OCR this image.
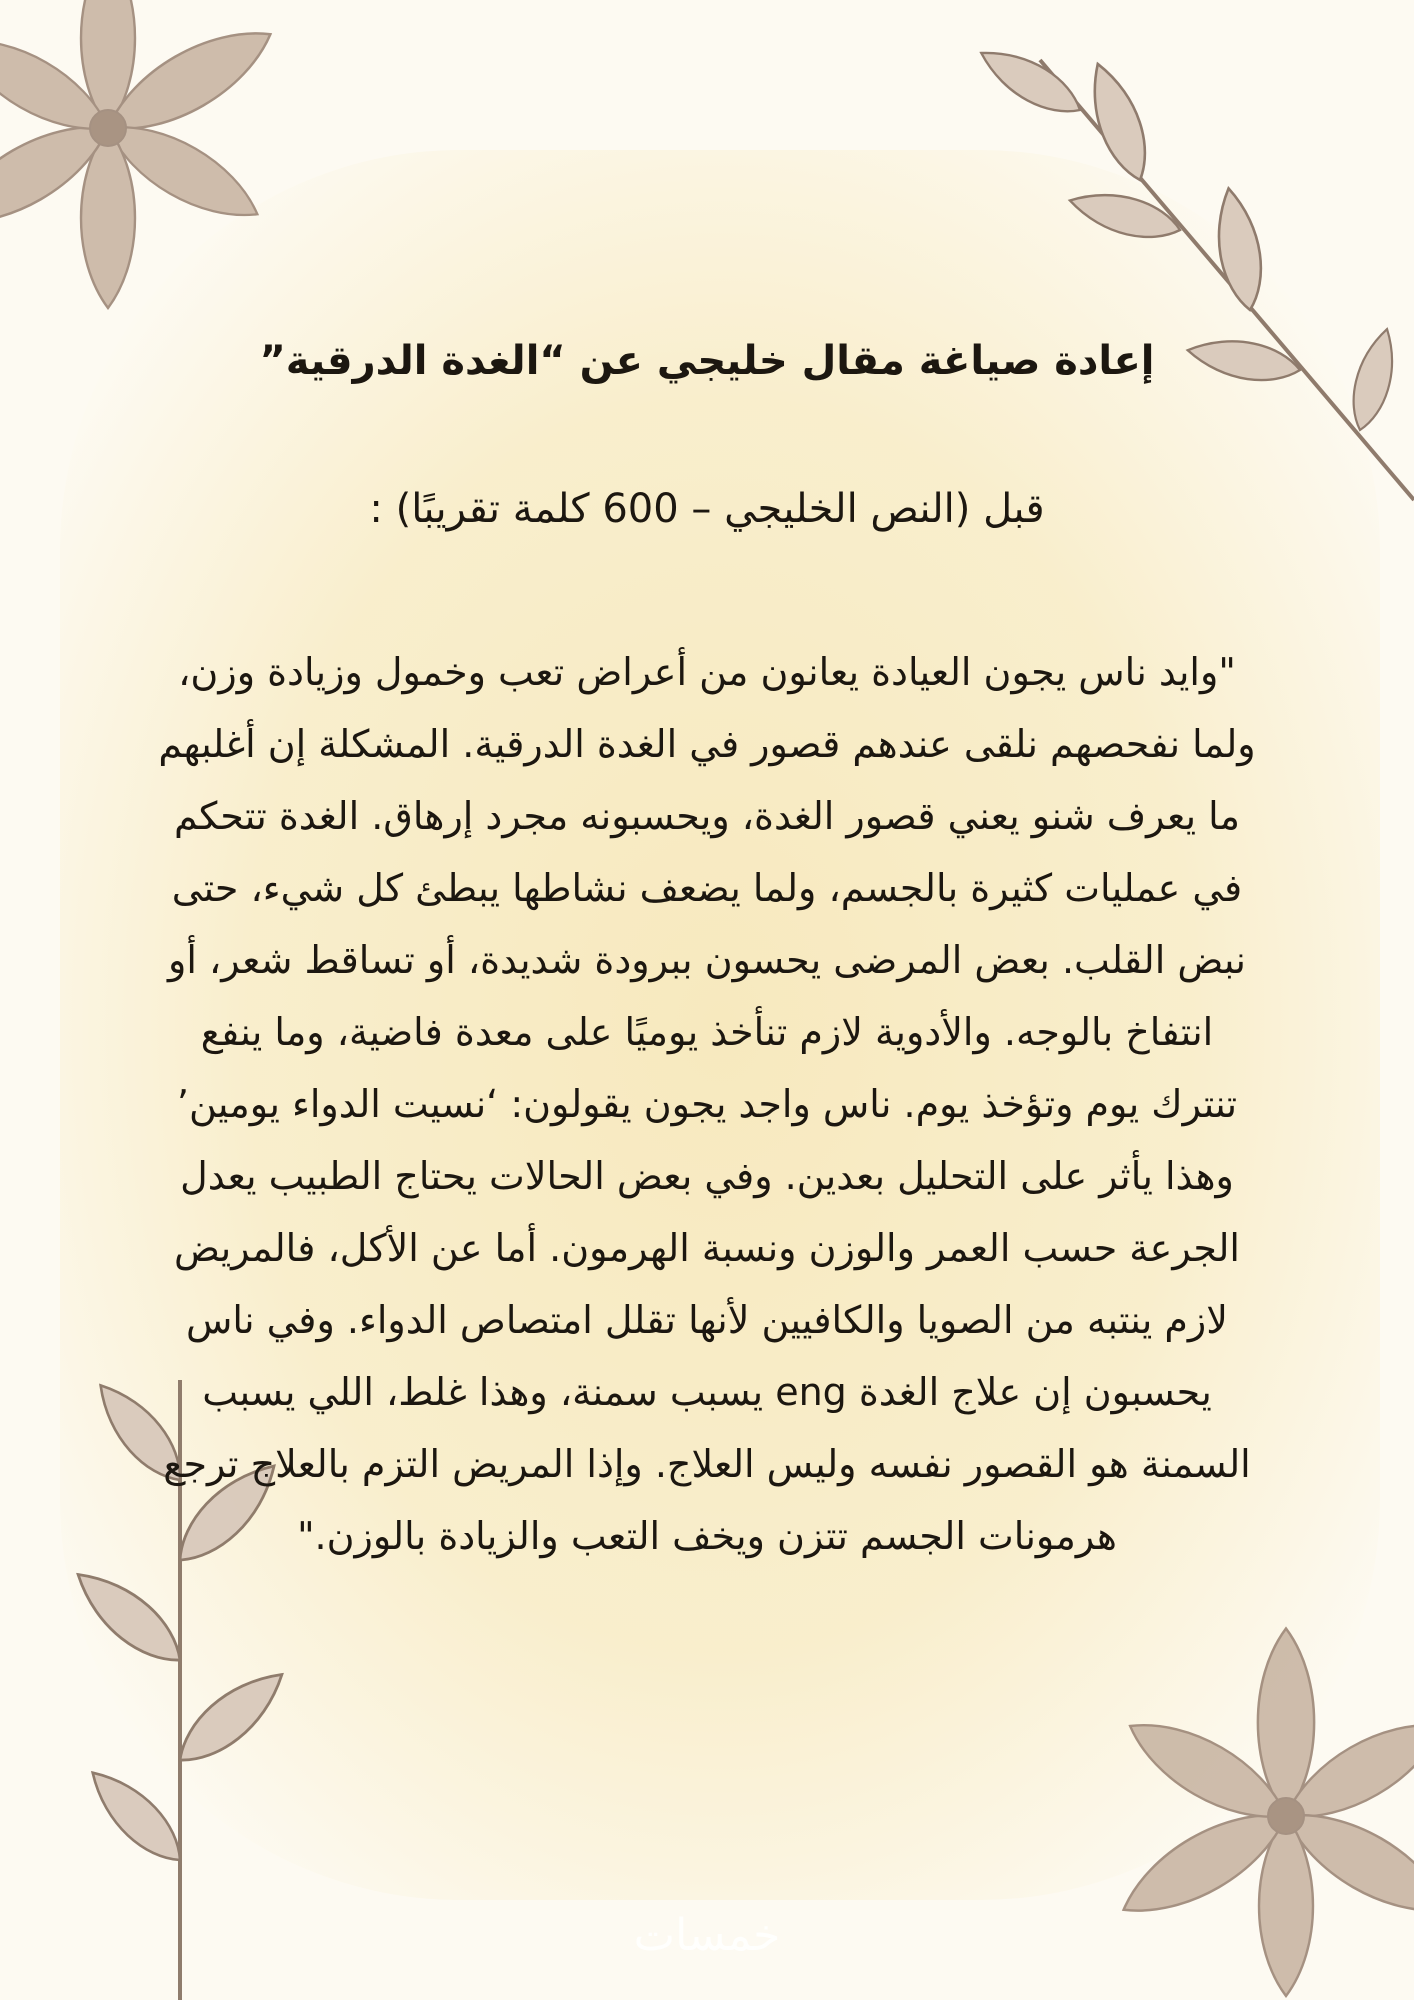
إعادة صياغة مقال خليجي عن “الغدة الدرقية”

قبل (النص الخليجي – 600 كلمة تقريبًا) :

"وايد ناس يجون العيادة يعانون من أعراض تعب وخمول وزيادة وزن،
ولما نفحصهم نلقى عندهم قصور في الغدة الدرقية. المشكلة إن أغلبهم
ما يعرف شنو يعني قصور الغدة، ويحسبونه مجرد إرهاق. الغدة تتحكم
في عمليات كثيرة بالجسم، ولما يضعف نشاطها يبطئ كل شيء، حتى
نبض القلب. بعض المرضى يحسون ببرودة شديدة، أو تساقط شعر، أو
انتفاخ بالوجه. والأدوية لازم تنأخذ يوميًا على معدة فاضية، وما ينفع
تنترك يوم وتؤخذ يوم. ناس واجد يجون يقولون: ‘نسيت الدواء يومين’
وهذا يأثر على التحليل بعدين. وفي بعض الحالات يحتاج الطبيب يعدل
الجرعة حسب العمر والوزن ونسبة الهرمون. أما عن الأكل، فالمريض
لازم ينتبه من الصويا والكافيين لأنها تقلل امتصاص الدواء. وفي ناس
يحسبون إن علاج الغدة eng يسبب سمنة، وهذا غلط، اللي يسبب
السمنة هو القصور نفسه وليس العلاج. وإذا المريض التزم بالعلاج ترجع
هرمونات الجسم تتزن ويخف التعب والزيادة بالوزن."
خمسات
